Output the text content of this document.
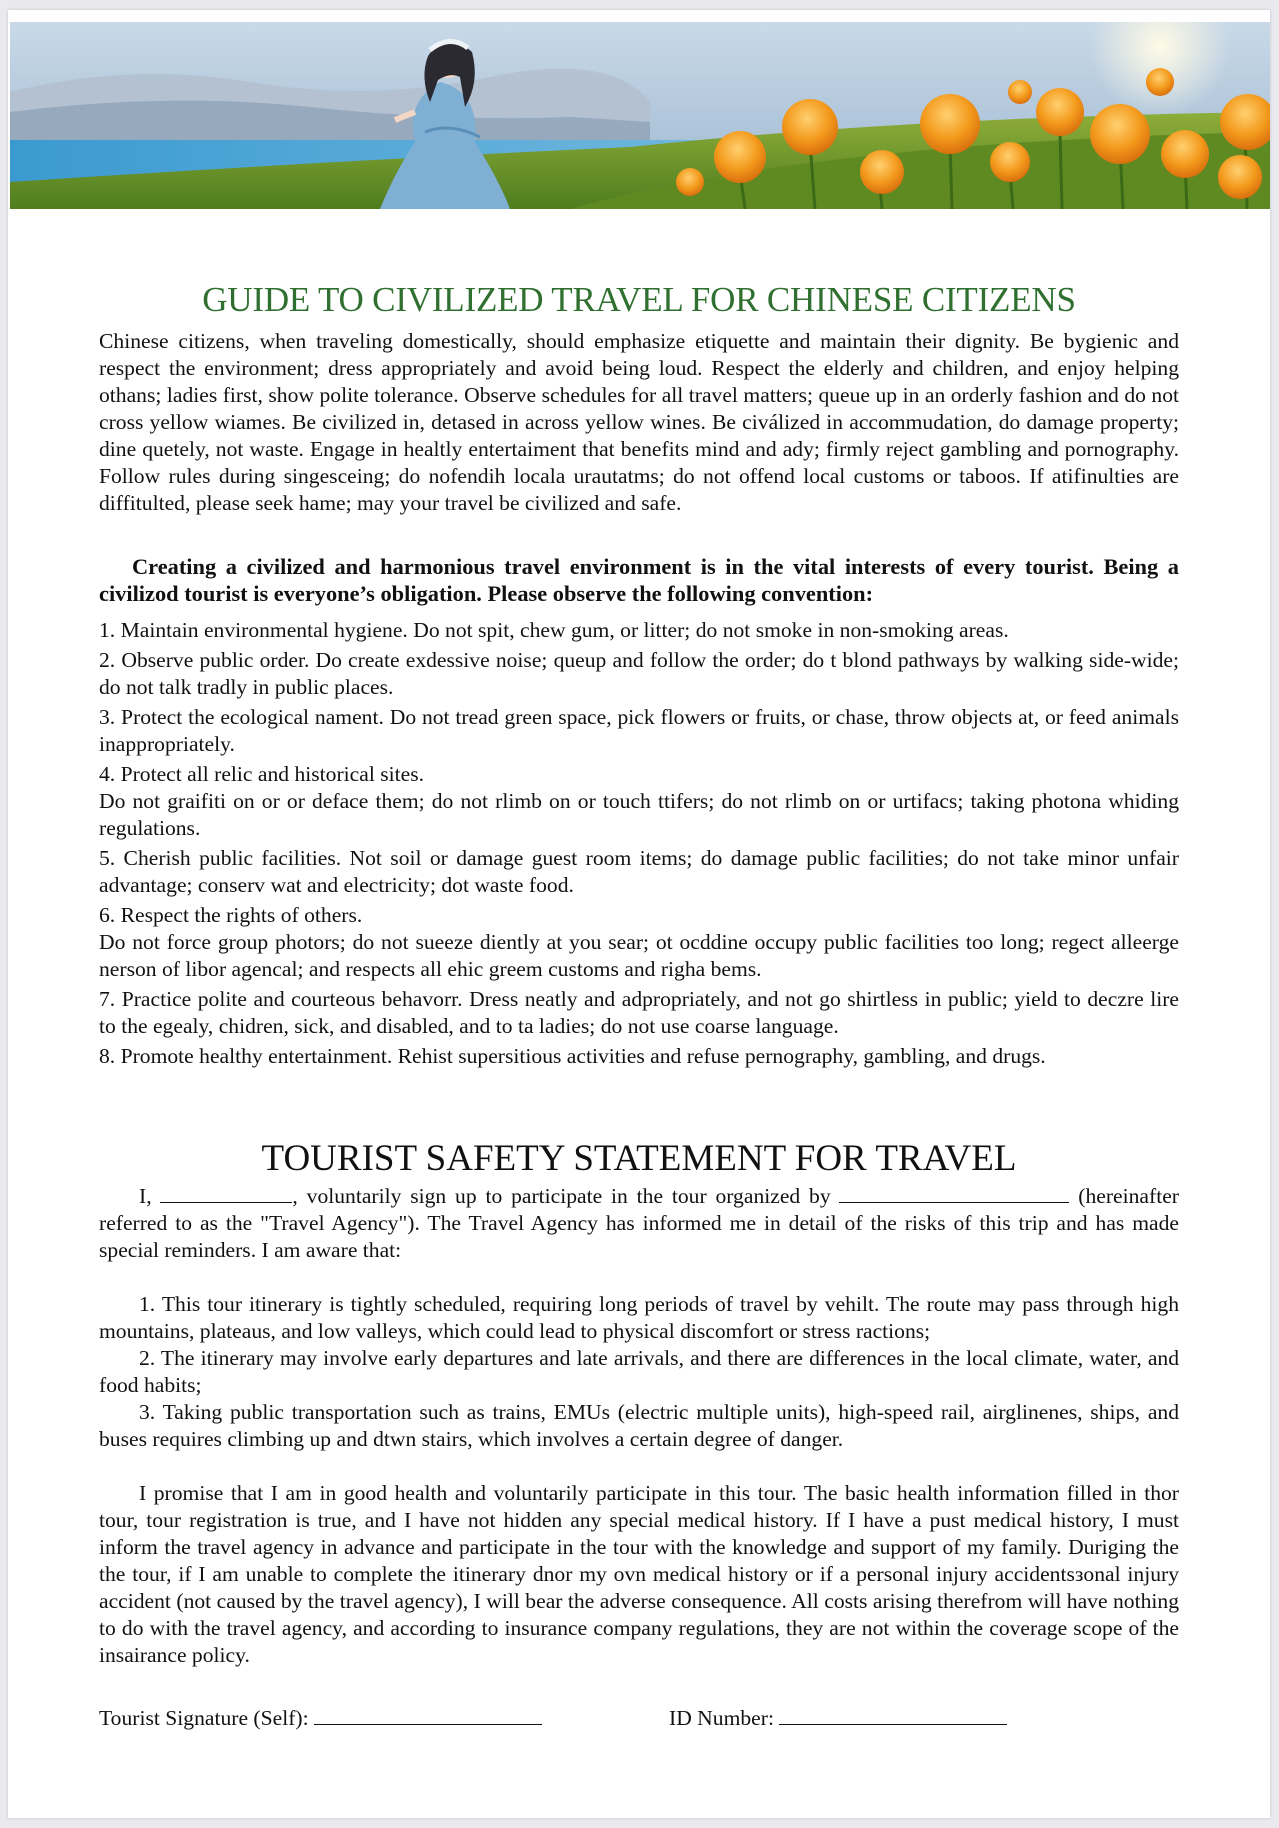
GUIDE TO CIVILIZED TRAVEL FOR CHINESE CITIZENS

Chinese citizens, when traveling domestically, should emphasize etiquette and maintain their dignity. Be bygienic and respect the environment; dress appropriately and avoid being loud. Respect the elderly and children, and enjoy helping othans; ladies first, show polite tolerance. Observe schedules for all travel matters; queue up in an orderly fashion and do not cross yellow wiames. Be civilized in, detased in across yellow wines. Be civálized in accommudation, do damage property; dine quetely, not waste. Engage in healtly entertaiment that benefits mind and ady; firmly reject gambling and pornography. Follow rules during singesceing; do nofendih locala urautatms; do not offend local customs or taboos. If atifinulties are diffitulted, please seek hame; may your travel be civilized and safe.

Creating a civilized and harmonious travel environment is in the vital interests of every tourist. Being a civilizod tourist is everyone’s obligation. Please observe the following convention:

1. Maintain environmental hygiene. Do not spit, chew gum, or litter; do not smoke in non-smoking areas.

2. Observe public order. Do create exdessive noise; queup and follow the order; do t blond pathways by walking side-wide; do not talk tradly in public places.

3. Protect the ecological nament. Do not tread green space, pick flowers or fruits, or chase, throw objects at, or feed animals inappropriately.

4. Protect all relic and historical sites.

Do not graifiti on or or deface them; do not rlimb on or touch ttifers; do not rlimb on or urtifacs; taking photona whiding regulations.

5. Cherish public facilities. Not soil or damage guest room items; do damage public facilities; do not take minor unfair advantage; conserv wat and electricity; dot waste food.

6. Respect the rights of others.

Do not force group photors; do not sueeze diently at you sear; ot ocddine occupy public facilities too long; regect alleerge nerson of libor agencal; and respects all ehic greem customs and righa bems.

7. Practice polite and courteous behavorr. Dress neatly and adpropriately, and not go shirtless in public; yield to deczre lire to the egealy, chidren, sick, and disabled, and to ta ladies; do not use coarse language.

8. Promote healthy entertainment. Rehist supersitious activities and refuse pernography, gambling, and drugs.

TOURIST SAFETY STATEMENT FOR TRAVEL

I,	, voluntarily sign up to participate in the tour organized by	(hereinafter referred to as the "Travel Agency"). The Travel Agency has informed me in detail of the risks of this trip and has made special reminders. I am aware that:

1. This tour itinerary is tightly scheduled, requiring long periods of travel by vehilt. The route may pass through high mountains, plateaus, and low valleys, which could lead to physical discomfort or stress ractions;

2. The itinerary may involve early departures and late arrivals, and there are differences in the local climate, water, and food habits;

3. Taking public transportation such as trains, EMUs (electric multiple units), high-speed rail, airglinenes, ships, and buses requires climbing up and dtwn stairs, which involves a certain degree of danger.

I promise that I am in good health and voluntarily participate in this tour. The basic health information filled in thor tour, tour registration is true, and I have not hidden any special medical history. If I have a pust medical history, I must inform the travel agency in advance and participate in the tour with the knowledge and support of my family. Duriging the the tour, if I am unable to complete the itinerary dnor my ovn medical history or if a personal injury accidentsзonal injury accident (not caused by the travel agency), I will bear the adverse consequence. All costs arising therefrom will have nothing to do with the travel agency, and according to insurance company regulations, they are not within the coverage scope of the insairance policy.

Tourist Signature (Self):	ID Number:
